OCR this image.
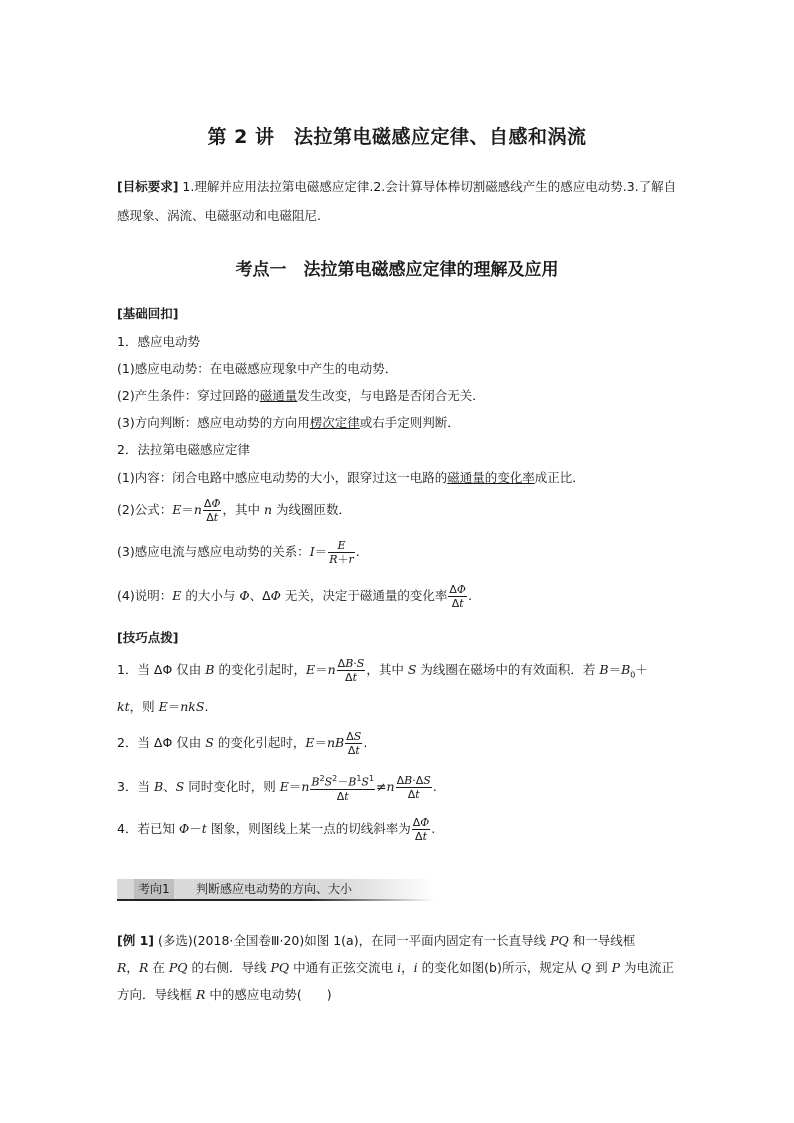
第 2 讲　法拉第电磁感应定律、自感和涡流
[目标要求] 1.理解并应用法拉第电磁感应定律.2.会计算导体棒切割磁感线产生的感应电动势.3.了解自感现象、涡流、电磁驱动和电磁阻尼.
考点一　法拉第电磁感应定律的理解及应用
[基础回扣]
1．感应电动势
(1)感应电动势：在电磁感应现象中产生的电动势．
(2)产生条件：穿过回路的磁通量发生改变，与电路是否闭合无关．
(3)方向判断：感应电动势的方向用楞次定律或右手定则判断．
2．法拉第电磁感应定律
(1)内容：闭合电路中感应电动势的大小，跟穿过这一电路的磁通量的变化率成正比．
(2)公式：$E=n \frac{\Delta\Phi}{\Delta t}$ ，其中 n 为线圈匝数．
(3)感应电流与感应电动势的关系：$I= \frac{E}{R+r}$ .
(4)说明：E 的大小与 Φ、ΔΦ 无关，决定于磁通量的变化率 $\frac{\Delta\Phi}{\Delta t}$ .
[技巧点拨]
1．当 ΔΦ 仅由 B 的变化引起时，$E=n \frac{\Delta B\cdot S}{\Delta t}$ ，其中 S 为线圈在磁场中的有效面积．若 $B=B_0+$
kt，则 E＝nkS.
2．当 ΔΦ 仅由 S 的变化引起时，$E=nB \frac{\Delta S}{\Delta t}$ .
3．当 B、S 同时变化时，则 $E=n \frac{B^2S^2-B^1S^1}{\Delta t} \ne n \frac{\Delta B\cdot\Delta S}{\Delta t}$ .
4．若已知 Φ－t 图象，则图线上某一点的切线斜率为 $\frac{\Delta\Phi}{\Delta t}$ .
考向1	判断感应电动势的方向、大小
[例 1] (多选)(2018·全国卷Ⅲ·20)如图 1(a)，在同一平面内固定有一长直导线 PQ 和一导线框
R，R 在 PQ 的右侧．导线 PQ 中通有正弦交流电 i，i 的变化如图(b)所示，规定从 Q 到 P 为电流正方向．导线框 R 中的感应电动势(　　)
